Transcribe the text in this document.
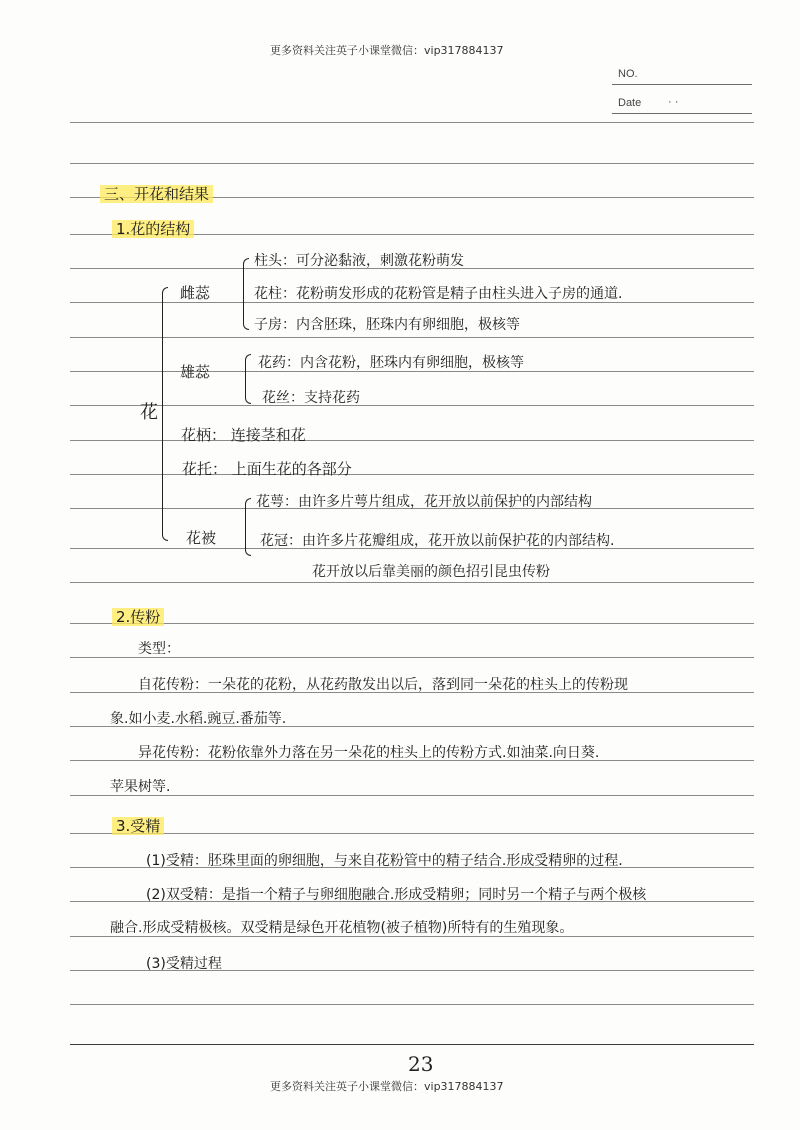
更多资料关注英子小课堂微信：vip317884137
NO.
Date · ·
三、开花和结果
1.花的结构
花
雌蕊
柱头：可分泌黏液，刺激花粉萌发
花柱：花粉萌发形成的花粉管是精子由柱头进入子房的通道.
子房：内含胚珠，胚珠内有卵细胞，极核等
雄蕊	花药：内含花粉，胚珠内有卵细胞，极核等
花丝：支持花药
花柄： 连接茎和花
花托： 上面生花的各部分
花被
花萼：由许多片萼片组成，花开放以前保护的内部结构
花冠：由许多片花瓣组成，花开放以前保护花的内部结构.
花开放以后靠美丽的颜色招引昆虫传粉
2.传粉
类型：
自花传粉：一朵花的花粉，从花药散发出以后，落到同一朵花的柱头上的传粉现
象.如小麦.水稻.豌豆.番茄等.
异花传粉：花粉依靠外力落在另一朵花的柱头上的传粉方式.如油菜.向日葵.
苹果树等.
3.受精
(1)受精：胚珠里面的卵细胞，与来自花粉管中的精子结合.形成受精卵的过程.
(2)双受精：是指一个精子与卵细胞融合.形成受精卵；同时另一个精子与两个极核
融合.形成受精极核。双受精是绿色开花植物(被子植物)所特有的生殖现象。
(3)受精过程
23
更多资料关注英子小课堂微信：vip317884137
